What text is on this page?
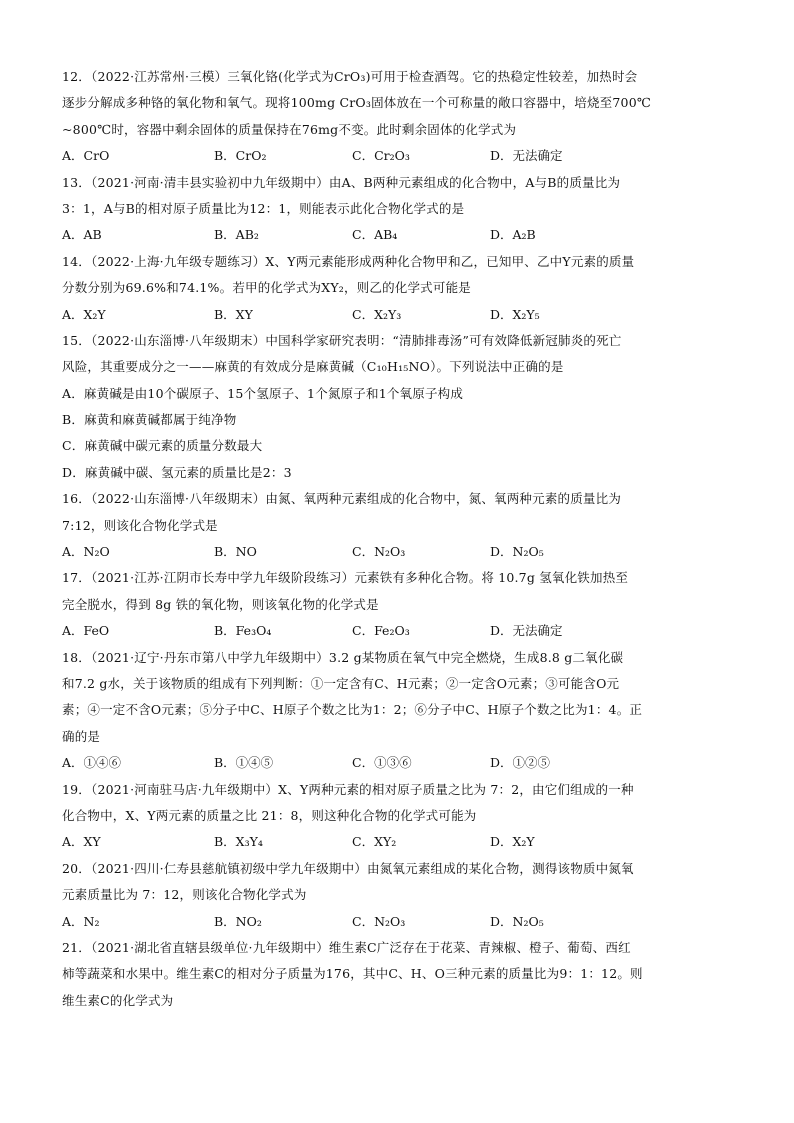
12．（2022·江苏常州·三模）三氧化铬(化学式为CrO₃)可用于检查酒驾。它的热稳定性较差，加热时会
逐步分解成多种铬的氧化物和氧气。现将100mg CrO₃固体放在一个可称量的敞口容器中，培烧至700℃
~800℃时，容器中剩余固体的质量保持在76mg不变。此时剩余固体的化学式为
A．CrO	B．CrO₂	C．Cr₂O₃	D．无法确定
13．（2021·河南·清丰县实验初中九年级期中）由A、B两种元素组成的化合物中，A与B的质量比为
3：1，A与B的相对原子质量比为12：1，则能表示此化合物化学式的是
A．AB	B．AB₂	C．AB₄	D．A₂B
14．（2022·上海·九年级专题练习）X、Y两元素能形成两种化合物甲和乙，已知甲、乙中Y元素的质量
分数分别为69.6%和74.1%。若甲的化学式为XY₂，则乙的化学式可能是
A．X₂Y	B．XY	C．X₂Y₃	D．X₂Y₅
15．（2022·山东淄博·八年级期末）中国科学家研究表明：“清肺排毒汤”可有效降低新冠肺炎的死亡
风险，其重要成分之一——麻黄的有效成分是麻黄碱（C₁₀H₁₅NO）。下列说法中正确的是
A．麻黄碱是由10个碳原子、15个氢原子、1个氮原子和1个氧原子构成
B．麻黄和麻黄碱都属于纯净物
C．麻黄碱中碳元素的质量分数最大
D．麻黄碱中碳、氢元素的质量比是2：3
16．（2022·山东淄博·八年级期末）由氮、氧两种元素组成的化合物中，氮、氧两种元素的质量比为
7:12，则该化合物化学式是
A．N₂O	B．NO	C．N₂O₃	D．N₂O₅
17．（2021·江苏·江阴市长寿中学九年级阶段练习）元素铁有多种化合物。将 10.7g 氢氧化铁加热至
完全脱水，得到 8g 铁的氧化物，则该氧化物的化学式是
A．FeO	B．Fe₃O₄	C．Fe₂O₃	D．无法确定
18．（2021·辽宁·丹东市第八中学九年级期中）3.2 g某物质在氧气中完全燃烧，生成8.8 g二氧化碳
和7.2 g水，关于该物质的组成有下列判断：①一定含有C、H元素；②一定含O元素；③可能含O元
素；④一定不含O元素；⑤分子中C、H原子个数之比为1：2；⑥分子中C、H原子个数之比为1：4。正
确的是
A．①④⑥	B．①④⑤	C．①③⑥	D．①②⑤
19．（2021·河南驻马店·九年级期中）X、Y两种元素的相对原子质量之比为 7：2，由它们组成的一种
化合物中，X、Y两元素的质量之比 21：8，则这种化合物的化学式可能为
A．XY	B．X₃Y₄	C．XY₂	D．X₂Y
20．（2021·四川·仁寿县慈航镇初级中学九年级期中）由氮氧元素组成的某化合物，测得该物质中氮氧
元素质量比为 7：12，则该化合物化学式为
A．N₂	B．NO₂	C．N₂O₃	D．N₂O₅
21．（2021·湖北省直辖县级单位·九年级期中）维生素C广泛存在于花菜、青辣椒、橙子、葡萄、西红
柿等蔬菜和水果中。维生素C的相对分子质量为176，其中C、H、O三种元素的质量比为9：1：12。则
维生素C的化学式为
